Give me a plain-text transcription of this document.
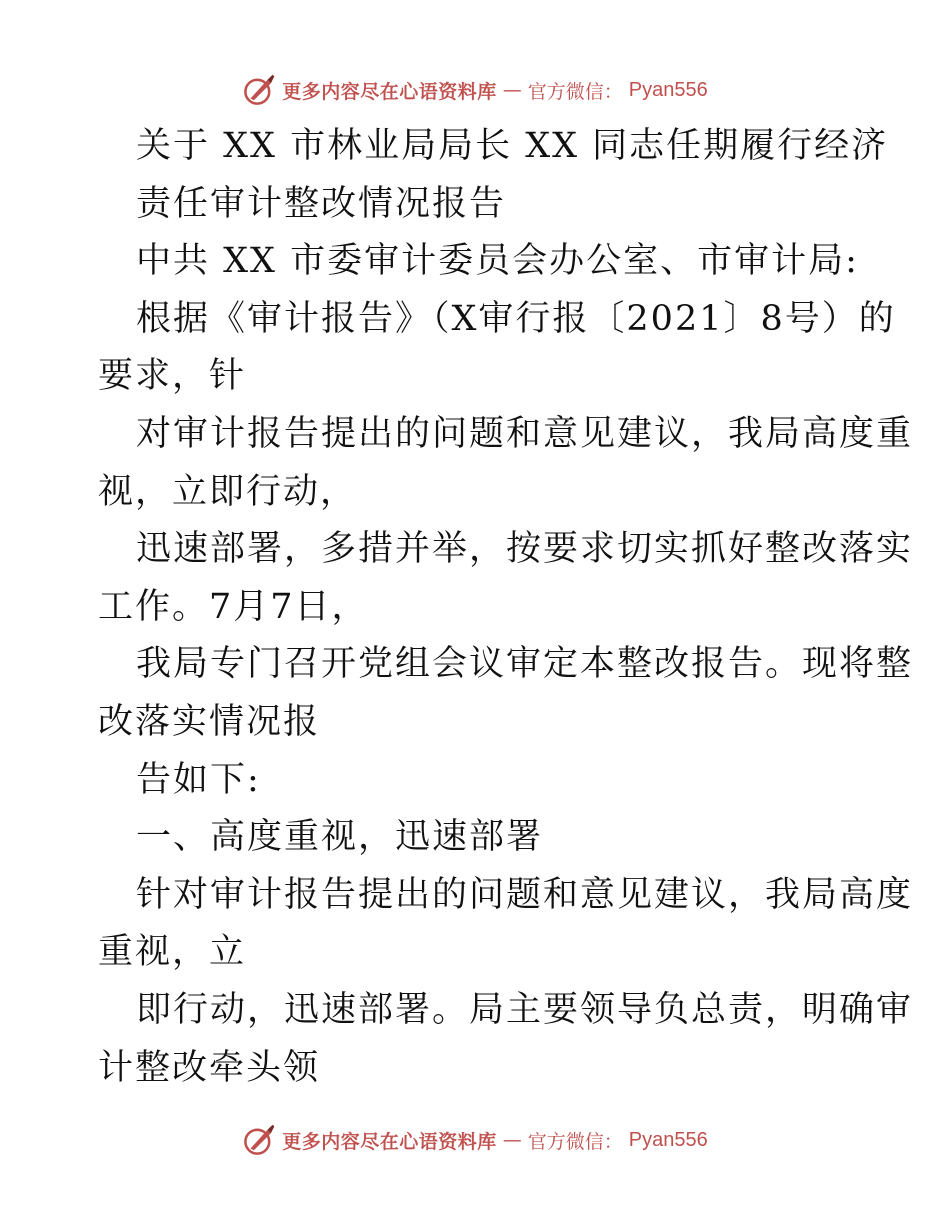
更多内容尽在心语资料库 — 官方微信： Pyan556
关于 XX 市林业局局长 XX 同志任期履行经济
责任审计整改情况报告
中共 XX 市委审计委员会办公室、市审计局:
根据《审计报告》（X审行报〔2021〕8号）的
要求，针
对审计报告提出的问题和意见建议，我局高度重
视，立即行动，
迅速部署，多措并举，按要求切实抓好整改落实
工作。7月7日，
我局专门召开党组会议审定本整改报告。现将整
改落实情况报
告如下:
一、高度重视，迅速部署
针对审计报告提出的问题和意见建议，我局高度
重视，立
即行动，迅速部署。局主要领导负总责，明确审
计整改牵头领
更多内容尽在心语资料库 — 官方微信： Pyan556
